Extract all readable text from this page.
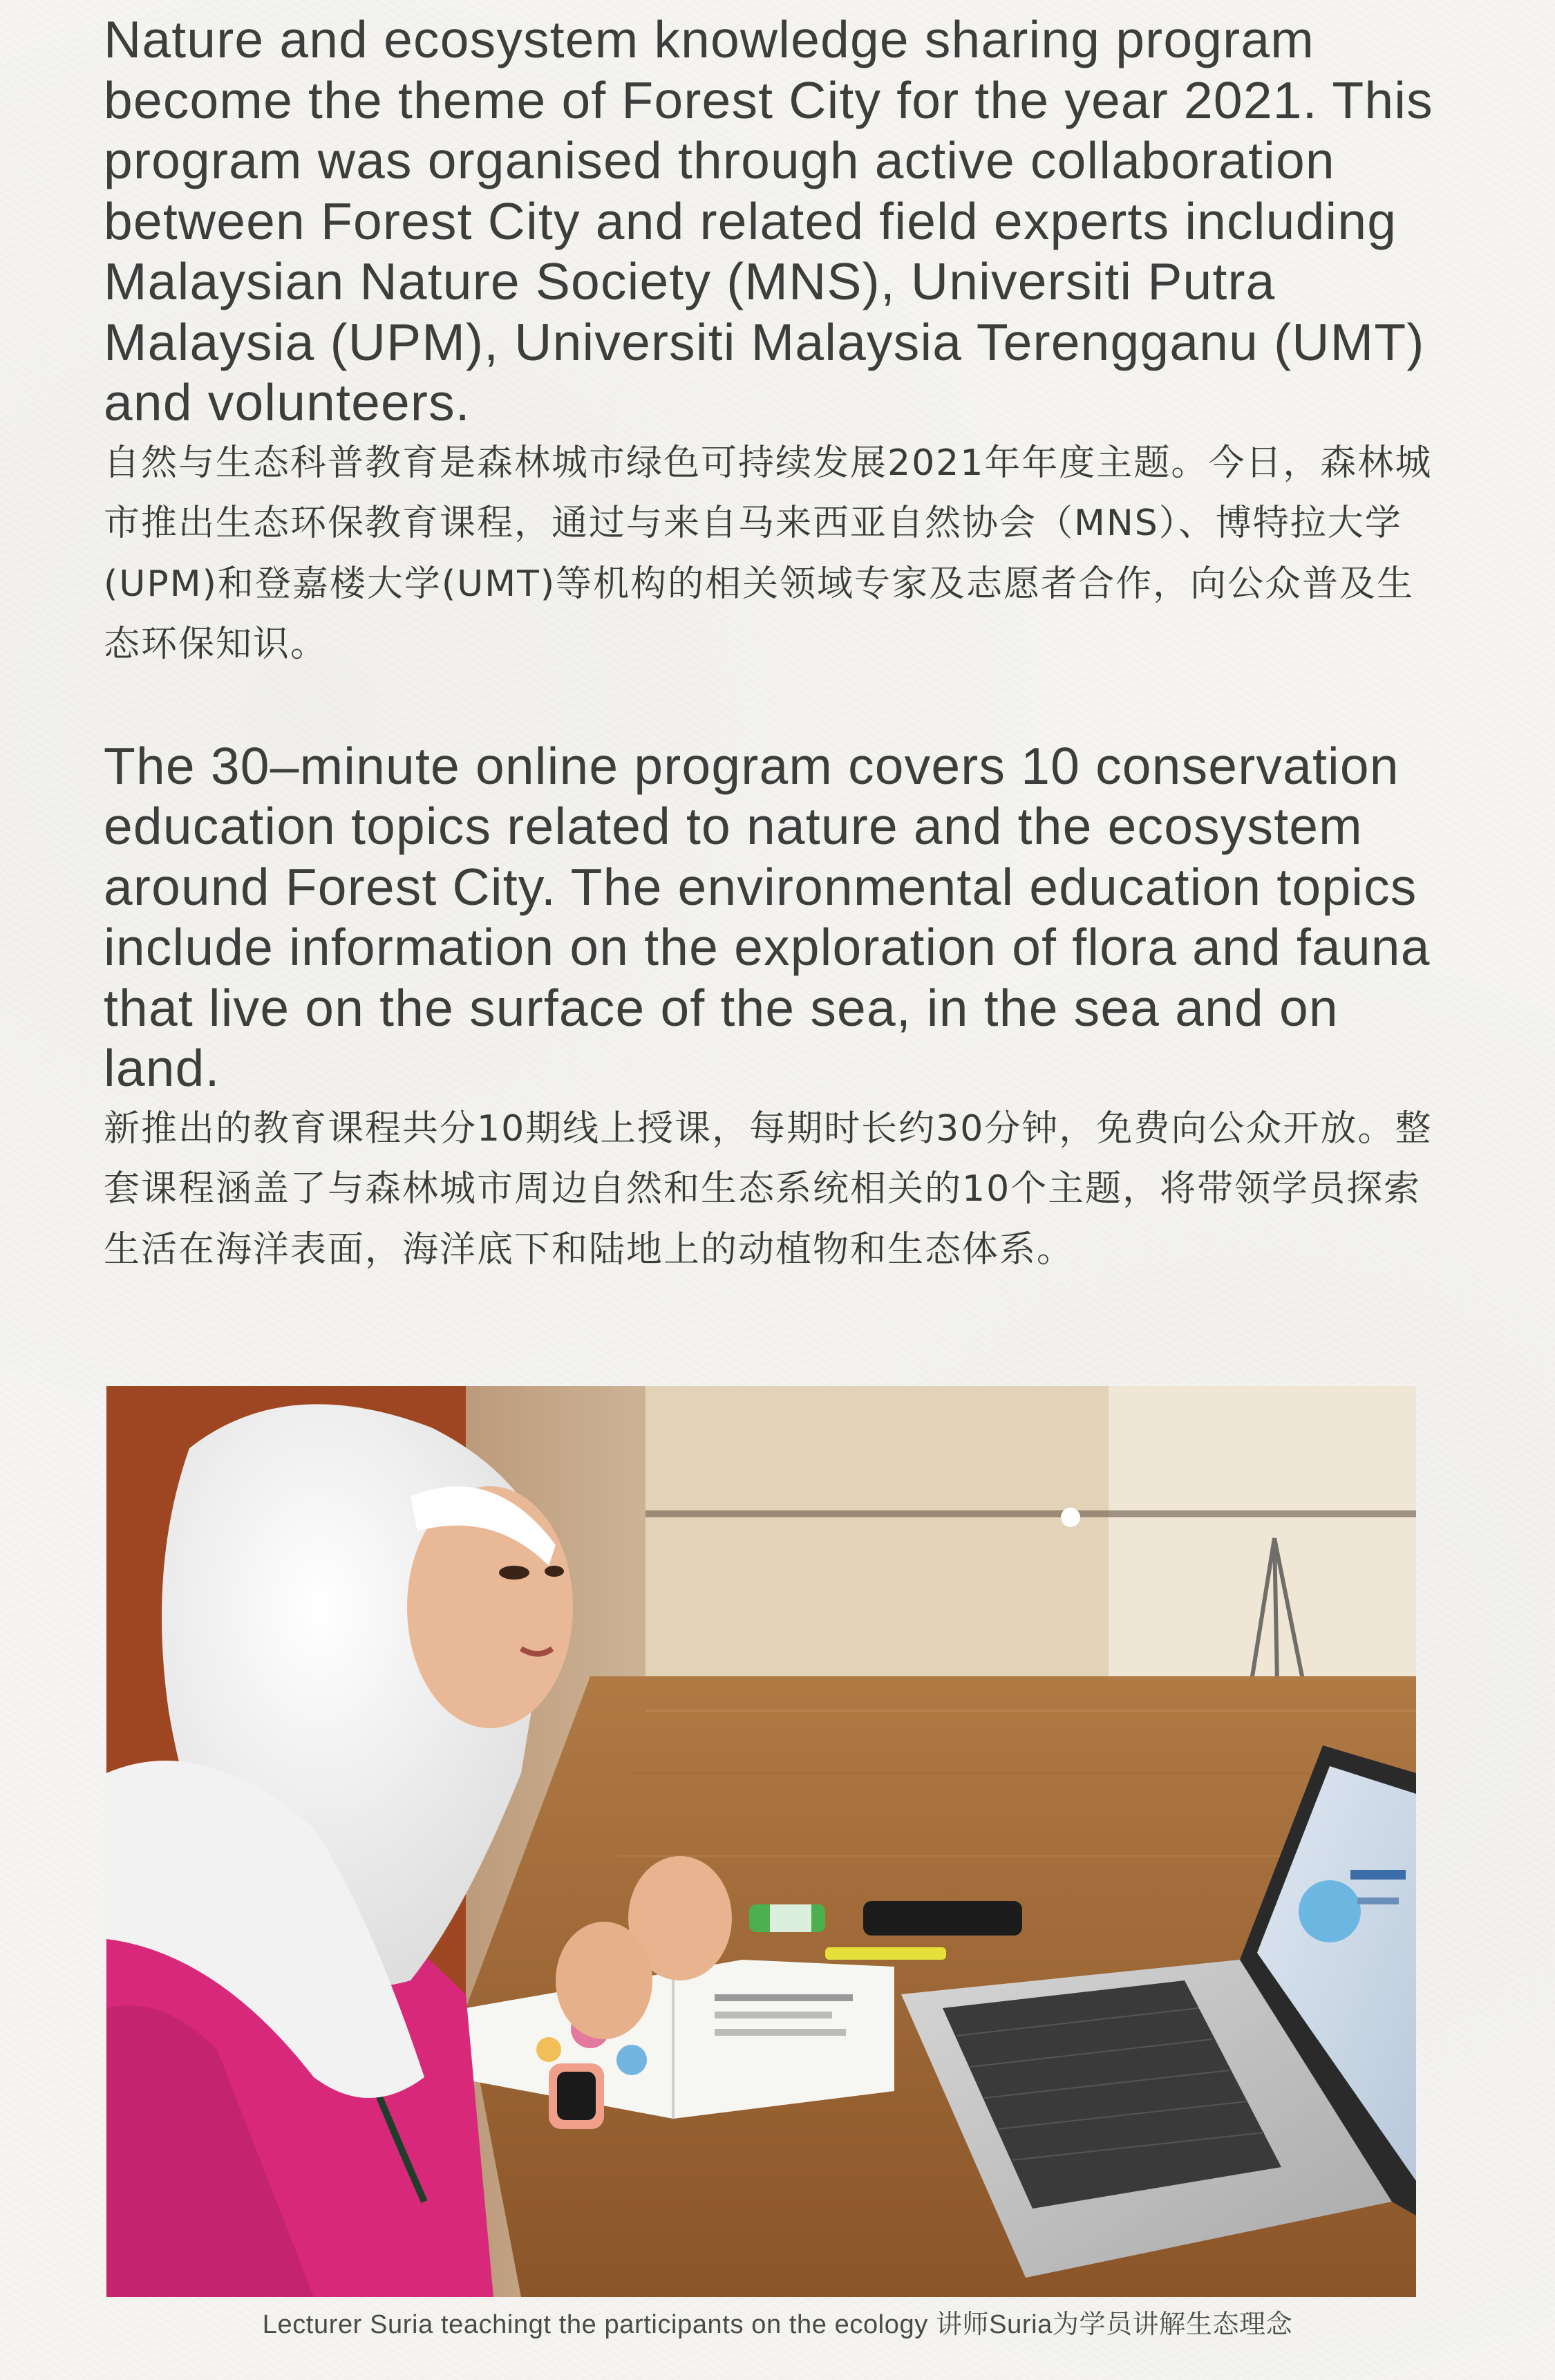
Nature and ecosystem knowledge sharing program become the theme of Forest City for the year 2021. This program was organised through active collaboration between Forest City and related field experts including Malaysian Nature Society (MNS), Universiti Putra Malaysia (UPM), Universiti Malaysia Terengganu (UMT) and volunteers.

自然与生态科普教育是森林城市绿色可持续发展2021年年度主题。今日，森林城市推出生态环保教育课程，通过与来自马来西亚自然协会（MNS）、博特拉大学(UPM)和登嘉楼大学(UMT)等机构的相关领域专家及志愿者合作，向公众普及生态环保知识。

The 30–minute online program covers 10 conservation education topics related to nature and the ecosystem around Forest City. The environmental education topics include information on the exploration of flora and fauna that live on the surface of the sea, in the sea and on land.

新推出的教育课程共分10期线上授课，每期时长约30分钟，免费向公众开放。整套课程涵盖了与森林城市周边自然和生态系统相关的10个主题，将带领学员探索生活在海洋表面，海洋底下和陆地上的动植物和生态体系。

Lecturer Suria teachingt the participants on the ecology 讲师Suria为学员讲解生态理念
